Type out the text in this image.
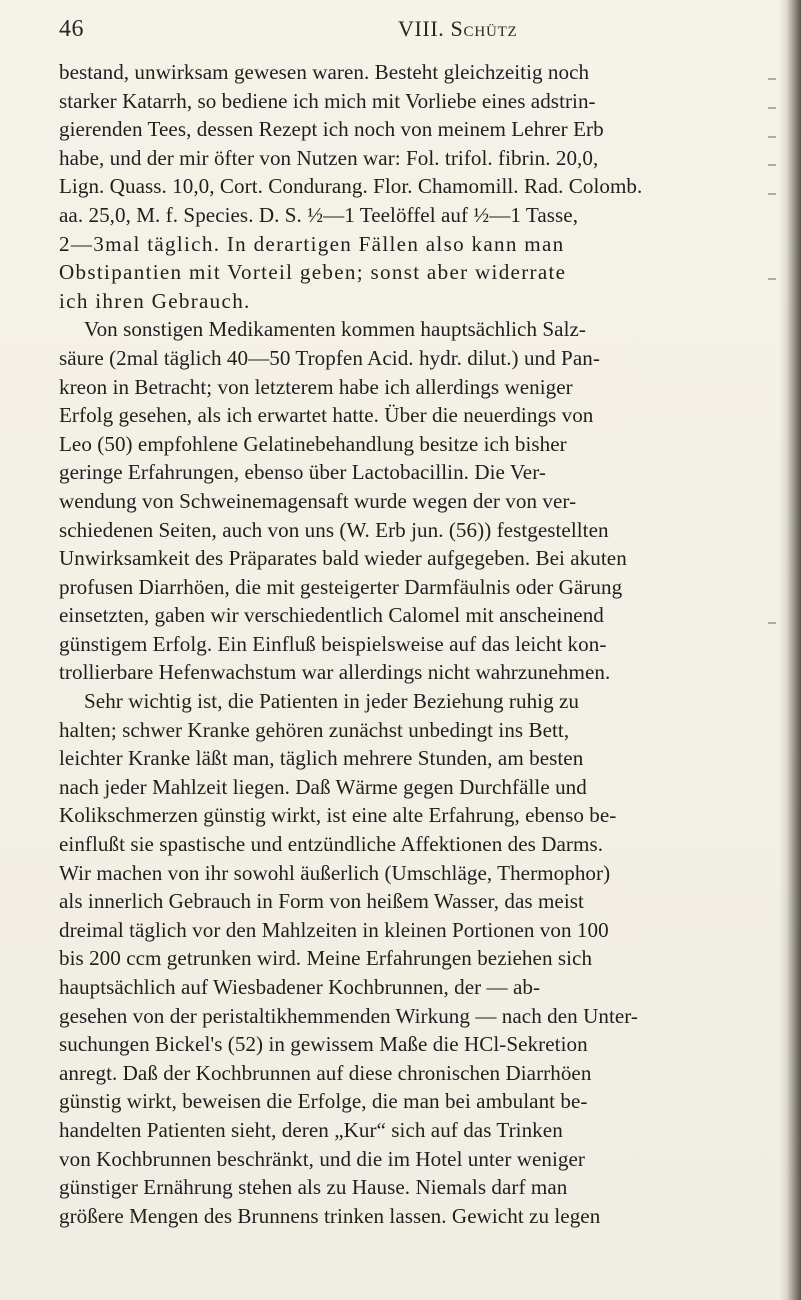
46	VIII. Schütz
bestand, unwirksam gewesen waren. Besteht gleichzeitig noch
starker Katarrh, so bediene ich mich mit Vorliebe eines adstrin-
gierenden Tees, dessen Rezept ich noch von meinem Lehrer Erb
habe, und der mir öfter von Nutzen war: Fol. trifol. fibrin. 20,0,
Lign. Quass. 10,0, Cort. Condurang. Flor. Chamomill. Rad. Colomb.
aa. 25,0, M. f. Species. D. S. ½—1 Teelöffel auf ½—1 Tasse,
2—3mal täglich. In derartigen Fällen also kann man
Obstipantien mit Vorteil geben; sonst aber widerrate
ich ihren Gebrauch.
Von sonstigen Medikamenten kommen hauptsächlich Salz-
säure (2mal täglich 40—50 Tropfen Acid. hydr. dilut.) und Pan-
kreon in Betracht; von letzterem habe ich allerdings weniger
Erfolg gesehen, als ich erwartet hatte. Über die neuerdings von
Leo (50) empfohlene Gelatinebehandlung besitze ich bisher
geringe Erfahrungen, ebenso über Lactobacillin. Die Ver-
wendung von Schweinemagensaft wurde wegen der von ver-
schiedenen Seiten, auch von uns (W. Erb jun. (56)) festgestellten
Unwirksamkeit des Präparates bald wieder aufgegeben. Bei akuten
profusen Diarrhöen, die mit gesteigerter Darmfäulnis oder Gärung
einsetzten, gaben wir verschiedentlich Calomel mit anscheinend
günstigem Erfolg. Ein Einfluß beispielsweise auf das leicht kon-
trollierbare Hefenwachstum war allerdings nicht wahrzunehmen.
Sehr wichtig ist, die Patienten in jeder Beziehung ruhig zu
halten; schwer Kranke gehören zunächst unbedingt ins Bett,
leichter Kranke läßt man, täglich mehrere Stunden, am besten
nach jeder Mahlzeit liegen. Daß Wärme gegen Durchfälle und
Kolikschmerzen günstig wirkt, ist eine alte Erfahrung, ebenso be-
einflußt sie spastische und entzündliche Affektionen des Darms.
Wir machen von ihr sowohl äußerlich (Umschläge, Thermophor)
als innerlich Gebrauch in Form von heißem Wasser, das meist
dreimal täglich vor den Mahlzeiten in kleinen Portionen von 100
bis 200 ccm getrunken wird. Meine Erfahrungen beziehen sich
hauptsächlich auf Wiesbadener Kochbrunnen, der — ab-
gesehen von der peristaltikhemmenden Wirkung — nach den Unter-
suchungen Bickel's (52) in gewissem Maße die HCl-Sekretion
anregt. Daß der Kochbrunnen auf diese chronischen Diarrhöen
günstig wirkt, beweisen die Erfolge, die man bei ambulant be-
handelten Patienten sieht, deren „Kur“ sich auf das Trinken
von Kochbrunnen beschränkt, und die im Hotel unter weniger
günstiger Ernährung stehen als zu Hause. Niemals darf man
größere Mengen des Brunnens trinken lassen. Gewicht zu legen
